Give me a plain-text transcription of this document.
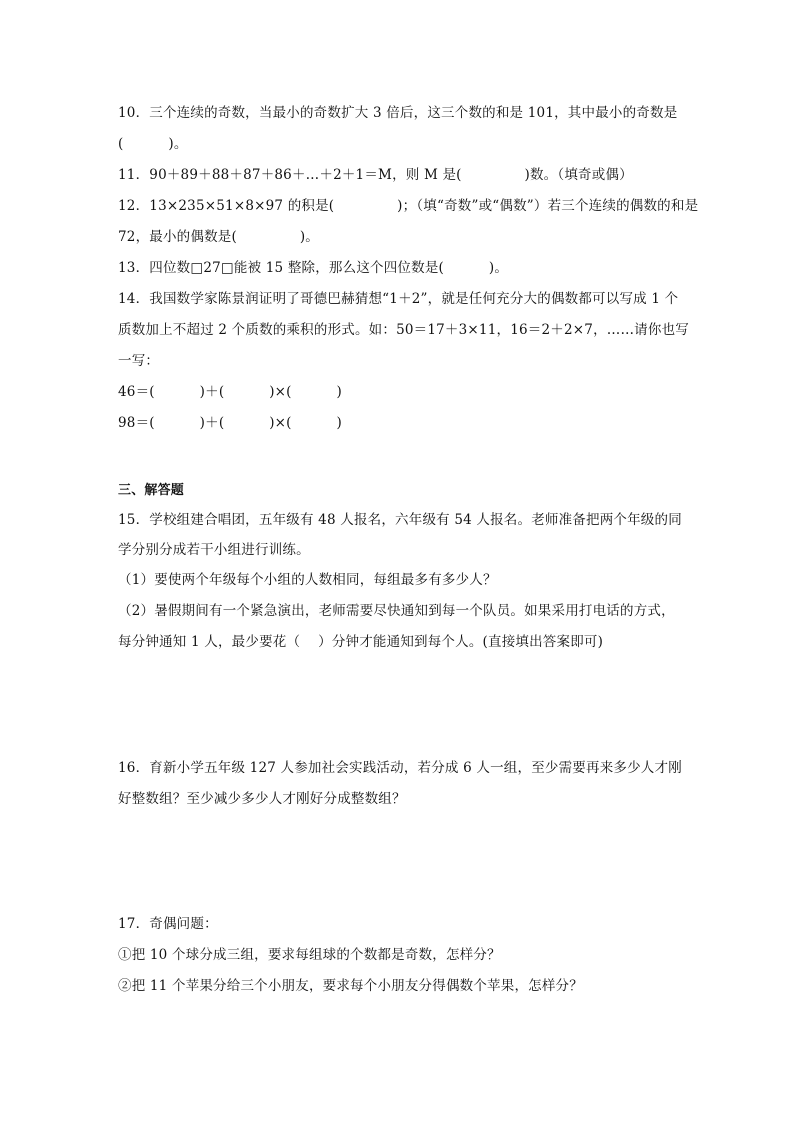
10．三个连续的奇数，当最小的奇数扩大 3 倍后，这三个数的和是 101，其中最小的奇数是
(          )。
11．90＋89＋88＋87＋86＋…＋2＋1＝M，则 M 是(              )数。（填奇或偶）
12．13×235×51×8×97 的积是(              )；（填“奇数”或“偶数”）若三个连续的偶数的和是
72，最小的偶数是(              )。
13．四位数□27□能被 15 整除，那么这个四位数是(          )。
14．我国数学家陈景润证明了哥德巴赫猜想“1＋2”，就是任何充分大的偶数都可以写成 1 个
质数加上不超过 2 个质数的乘积的形式。如：50＝17＋3×11，16＝2＋2×7，……请你也写
一写：
46＝(          )＋(          )×(          )
98＝(          )＋(          )×(          )
三、解答题
15．学校组建合唱团，五年级有 48 人报名，六年级有 54 人报名。老师准备把两个年级的同
学分别分成若干小组进行训练。
（1）要使两个年级每个小组的人数相同，每组最多有多少人？
（2）暑假期间有一个紧急演出，老师需要尽快通知到每一个队员。如果采用打电话的方式，
每分钟通知 1 人，最少要花（    ）分钟才能通知到每个人。(直接填出答案即可)
16．育新小学五年级 127 人参加社会实践活动，若分成 6 人一组，至少需要再来多少人才刚
好整数组？至少减少多少人才刚好分成整数组？
17．奇偶问题：
①把 10 个球分成三组，要求每组球的个数都是奇数，怎样分？
②把 11 个苹果分给三个小朋友，要求每个小朋友分得偶数个苹果，怎样分？
